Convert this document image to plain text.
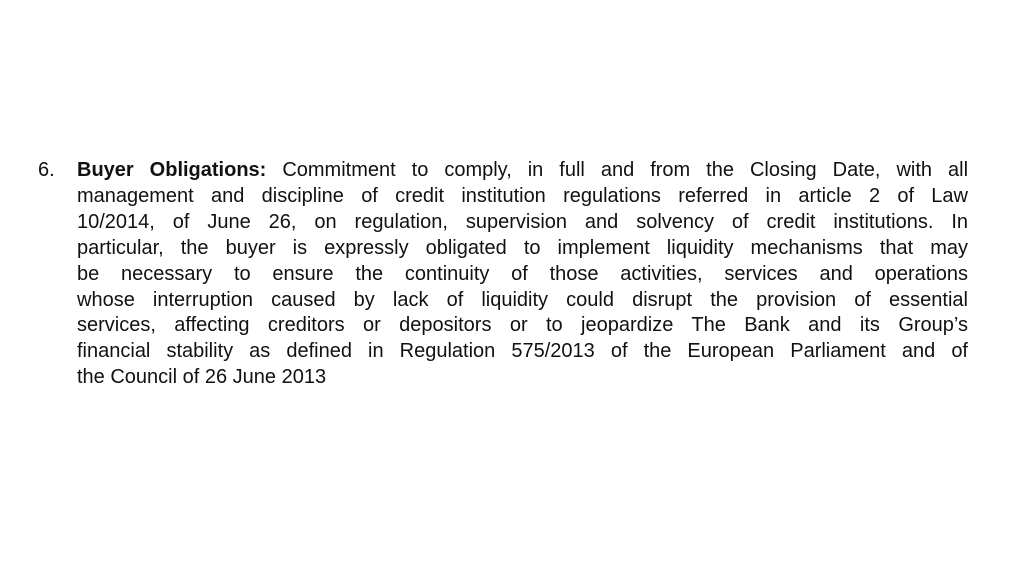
6.	Buyer Obligations: Commitment to comply, in full and from the Closing Date, with all
management and discipline of credit institution regulations referred in article 2 of Law
10/2014, of June 26, on regulation, supervision and solvency of credit institutions. In
particular, the buyer is expressly obligated to implement liquidity mechanisms that may
be necessary to ensure the continuity of those activities, services and operations
whose interruption caused by lack of liquidity could disrupt the provision of essential
services, affecting creditors or depositors or to jeopardize The Bank and its Group’s
financial stability as defined in Regulation 575/2013 of the European Parliament and of
the Council of 26 June 2013
